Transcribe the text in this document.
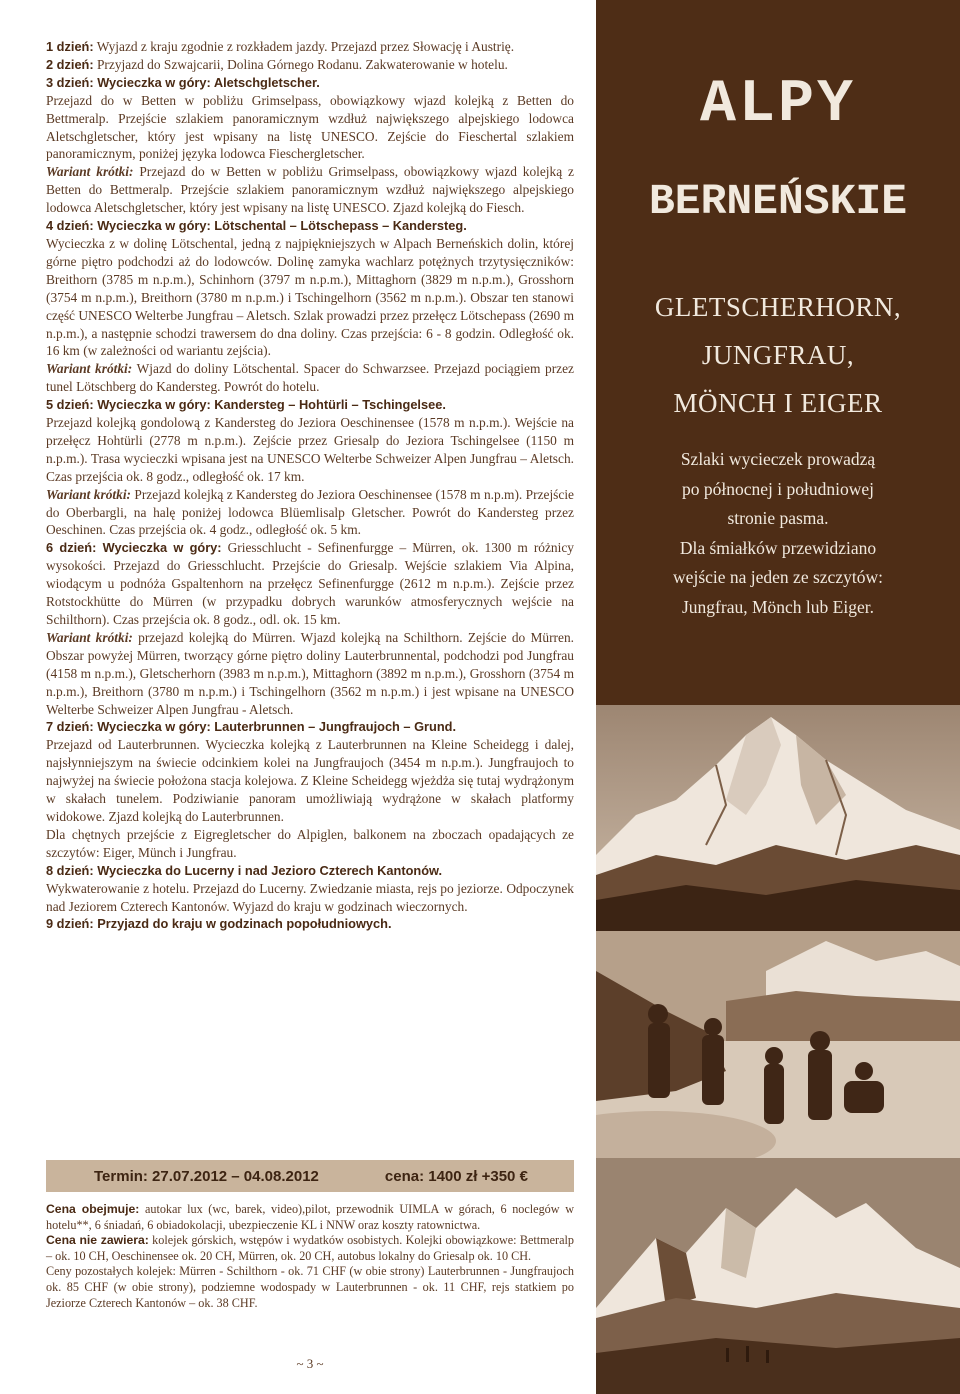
1 dzień: Wyjazd z kraju zgodnie z rozkładem jazdy. Przejazd przez Słowację i Austrię.

2 dzień: Przyjazd do Szwajcarii, Dolina Górnego Rodanu. Zakwaterowanie w hotelu.

3 dzień: Wycieczka w góry: Aletschgletscher.

Przejazd do w Betten w pobliżu Grimselpass, obowiązkowy wjazd kolejką z Betten do Bettmeralp. Przejście szlakiem panoramicznym wzdłuż największego alpejskiego lodowca Aletschgletscher, który jest wpisany na listę UNESCO. Zejście do Fieschertal szlakiem panoramicznym, poniżej języka lodowca Fieschergletscher.

Wariant krótki: Przejazd do w Betten w pobliżu Grimselpass, obowiązkowy wjazd kolejką z Betten do Bettmeralp. Przejście szlakiem panoramicznym wzdłuż największego alpejskiego lodowca Aletschgletscher, który jest wpisany na listę UNESCO. Zjazd kolejką do Fiesch.

4 dzień: Wycieczka w góry: Lötschental – Lötschepass – Kandersteg.

Wycieczka z w dolinę Lötschental, jedną z najpiękniejszych w Alpach Berneńskich dolin, której górne piętro podchodzi aż do lodowców. Dolinę zamyka wachlarz potężnych trzytysięczników: Breithorn (3785 m n.p.m.), Schinhorn (3797 m n.p.m.), Mittaghorn (3829 m n.p.m.), Grosshorn (3754 m n.p.m.), Breithorn (3780 m n.p.m.) i Tschingelhorn (3562 m n.p.m.). Obszar ten stanowi część UNESCO Welterbe Jungfrau – Aletsch. Szlak prowadzi przez przełęcz Lötschepass (2690 m n.p.m.), a następnie schodzi trawersem do dna doliny. Czas przejścia: 6 - 8 godzin. Odległość ok. 16 km (w zależności od wariantu zejścia).

Wariant krótki: Wjazd do doliny Lötschental. Spacer do Schwarzsee. Przejazd pociągiem przez tunel Lötschberg do Kandersteg. Powrót do hotelu.

5 dzień: Wycieczka w góry: Kandersteg – Hohtürli – Tschingelsee.

Przejazd kolejką gondolową z Kandersteg do Jeziora Oeschinensee (1578 m n.p.m.). Wejście na przełęcz Hohtürli (2778 m n.p.m.). Zejście przez Griesalp do Jeziora Tschingelsee (1150 m n.p.m.). Trasa wycieczki wpisana jest na UNESCO Welterbe Schweizer Alpen Jungfrau – Aletsch. Czas przejścia ok. 8 godz., odległość ok. 17 km.

Wariant krótki: Przejazd kolejką z Kandersteg do Jeziora Oeschinensee (1578 m n.p.m). Przejście do Oberbargli, na halę poniżej lodowca Blüemlisalp Gletscher. Powrót do Kandersteg przez Oeschinen. Czas przejścia ok. 4 godz., odległość ok. 5 km.

6 dzień: Wycieczka w góry: Griesschlucht - Sefinenfurgge – Mürren, ok. 1300 m różnicy wysokości. Przejazd do Griesschlucht. Przejście do Griesalp. Wejście szlakiem Via Alpina, wiodącym u podnóża Gspaltenhorn na przełęcz Sefinenfurgge (2612 m n.p.m.). Zejście przez Rotstockhütte do Mürren (w przypadku dobrych warunków atmosferycznych wejście na Schilthorn). Czas przejścia ok. 8 godz., odl. ok. 15 km.

Wariant krótki: przejazd kolejką do Mürren. Wjazd kolejką na Schilthorn. Zejście do Mürren. Obszar powyżej Mürren, tworzący górne piętro doliny Lauterbrunnental, podchodzi pod Jungfrau (4158 m n.p.m.), Gletscherhorn (3983 m n.p.m.), Mittaghorn (3892 m n.p.m.), Grosshorn (3754 m n.p.m.), Breithorn (3780 m n.p.m.) i Tschingelhorn (3562 m n.p.m.) i jest wpisane na UNESCO Welterbe Schweizer Alpen Jungfrau - Aletsch.

7 dzień: Wycieczka w góry: Lauterbrunnen – Jungfraujoch – Grund.

Przejazd od Lauterbrunnen. Wycieczka kolejką z Lauterbrunnen na Kleine Scheidegg i dalej, najsłynniejszym na świecie odcinkiem kolei na Jungfraujoch (3454 m n.p.m.). Jungfraujoch to najwyżej na świecie położona stacja kolejowa. Z Kleine Scheidegg wjeżdża się tutaj wydrążonym w skałach tunelem. Podziwianie panoram umożliwiają wydrążone w skałach platformy widokowe. Zjazd kolejką do Lauterbrunnen.

Dla chętnych przejście z Eigregletscher do Alpiglen, balkonem na zboczach opadających ze szczytów: Eiger, Münch i Jungfrau.

8 dzień: Wycieczka do Lucerny i nad Jezioro Czterech Kantonów.

Wykwaterowanie z hotelu. Przejazd do Lucerny. Zwiedzanie miasta, rejs po jeziorze. Odpoczynek nad Jeziorem Czterech Kantonów. Wyjazd do kraju w godzinach wieczornych.

9 dzień: Przyjazd do kraju w godzinach popołudniowych.

Termin: 27.07.2012 – 04.08.2012	cena: 1400 zł +350 €

Cena obejmuje: autokar lux (wc, barek, video),pilot, przewodnik UIMLA w górach, 6 noclegów w hotelu**, 6 śniadań, 6 obiadokolacji, ubezpieczenie KL i NNW oraz koszty ratownictwa.

Cena nie zawiera: kolejek górskich, wstępów i wydatków osobistych. Kolejki obowiązkowe: Bettmeralp – ok. 10 CH, Oeschinensee ok. 20 CH, Mürren, ok. 20 CH, autobus lokalny do Griesalp ok. 10 CH.

Ceny pozostałych kolejek: Mürren - Schilthorn - ok. 71 CHF (w obie strony) Lauterbrunnen - Jungfraujoch ok. 85 CHF (w obie strony), podziemne wodospady w Lauterbrunnen - ok. 11 CHF, rejs statkiem po Jeziorze Czterech Kantonów – ok. 38 CHF.

~ 3 ~
ALPY
BERNEŃSKIE
GLETSCHERHORN,
JUNGFRAU,
MÖNCH I EIGER
Szlaki wycieczek prowadzą
po północnej i południowej
stronie pasma.
Dla śmiałków przewidziano
wejście na jeden ze szczytów:
Jungfrau, Mönch lub Eiger.
